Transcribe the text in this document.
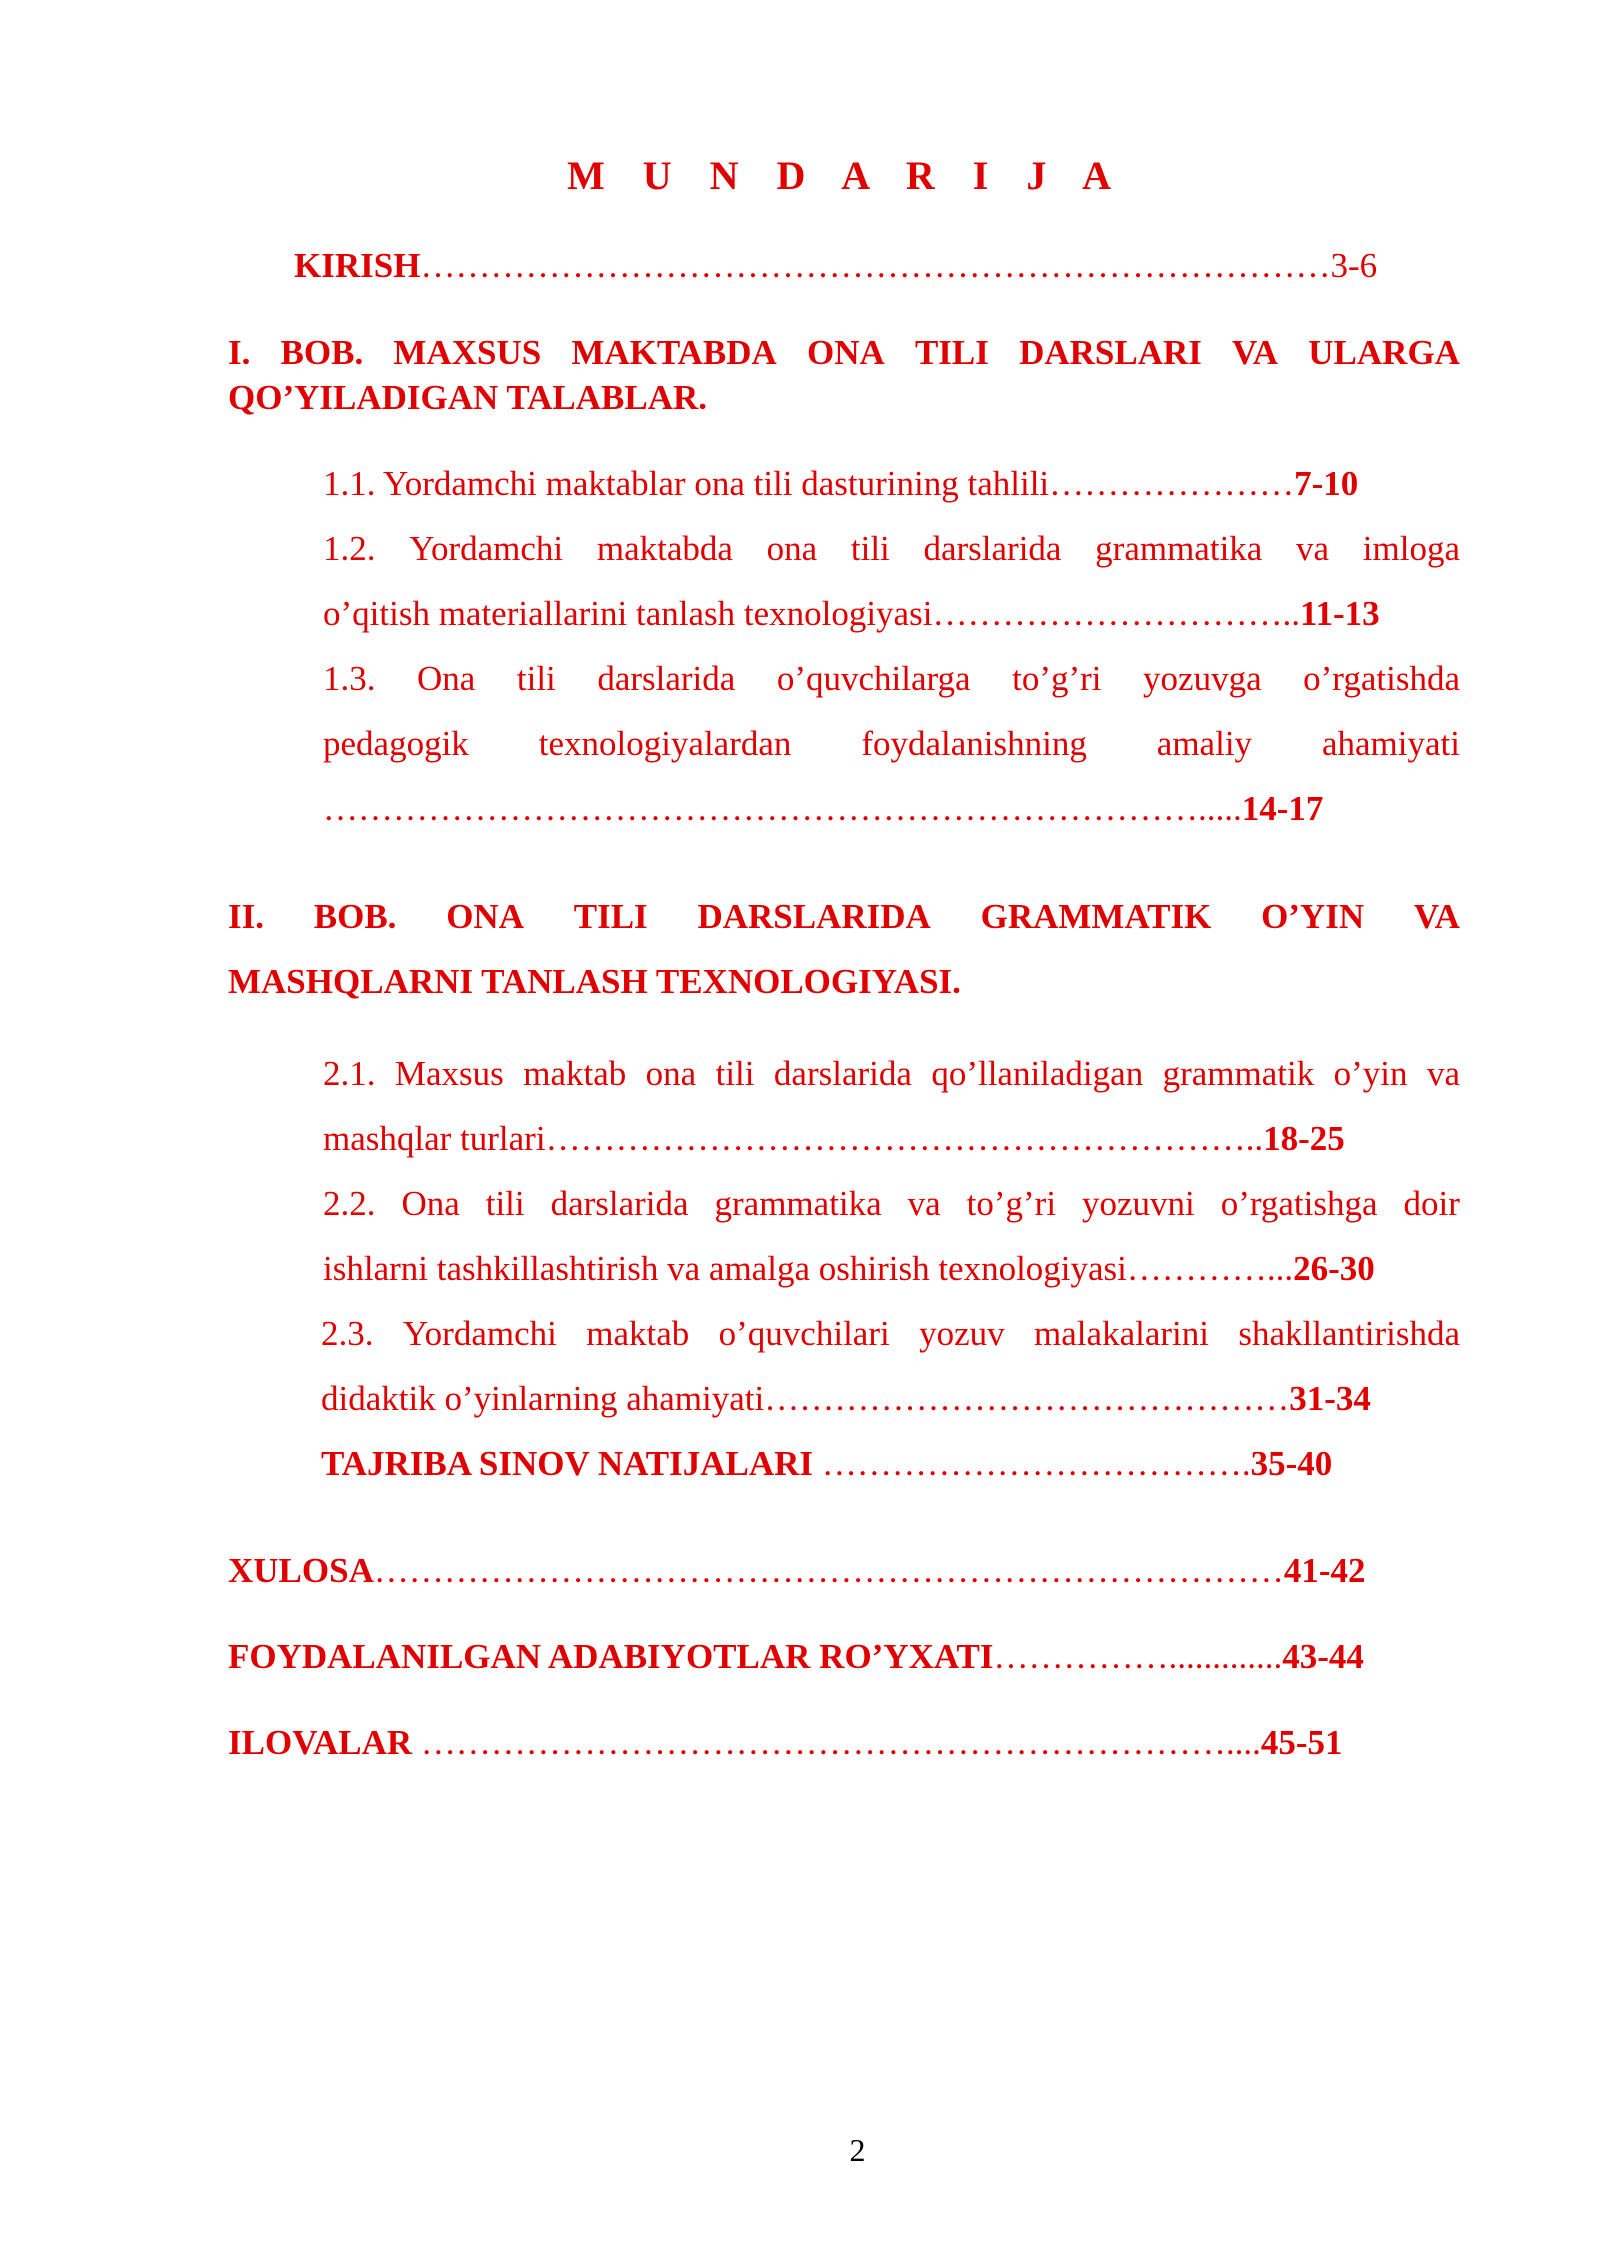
M U N D A R I J A
KIRISH……………………………………………………………………3-6
I. BOB. MAXSUS MAKTABDA ONA TILI DARSLARI VA ULARGA
QO’YILADIGAN TALABLAR.
1.1. Yordamchi maktablar ona tili dasturining tahlili…………………7-10
1.2. Yordamchi maktabda ona tili darslarida grammatika va imloga
o’qitish materiallarini tanlash texnologiyasi…………………………..11-13
1.3. Ona tili darslarida o’quvchilarga to’g’ri yozuvga o’rgatishda
pedagogik texnologiyalardan foydalanishning amaliy ahamiyati
………………………………………………………………….....14-17
II. BOB. ONA TILI DARSLARIDA GRAMMATIK O’YIN VA
MASHQLARNI TANLASH TEXNOLOGIYASI.
2.1. Maxsus maktab ona tili darslarida qo’llaniladigan grammatik o’yin va
mashqlar turlari……………………………………………………..18-25
2.2. Ona tili darslarida grammatika va to’g’ri yozuvni o’rgatishga doir
ishlarni tashkillashtirish va amalga oshirish texnologiyasi…………...26-30
2.3. Yordamchi maktab o’quvchilari yozuv malakalarini shakllantirishda
didaktik o’yinlarning ahamiyati………………………………………31-34
TAJRIBA SINOV NATIJALARI ……………………………….35-40
XULOSA……………………………………………………………………41-42
FOYDALANILGAN ADABIYOTLAR RO’YXATI…………….............43-44
ILOVALAR ……………………………………………………………....45-51
2
